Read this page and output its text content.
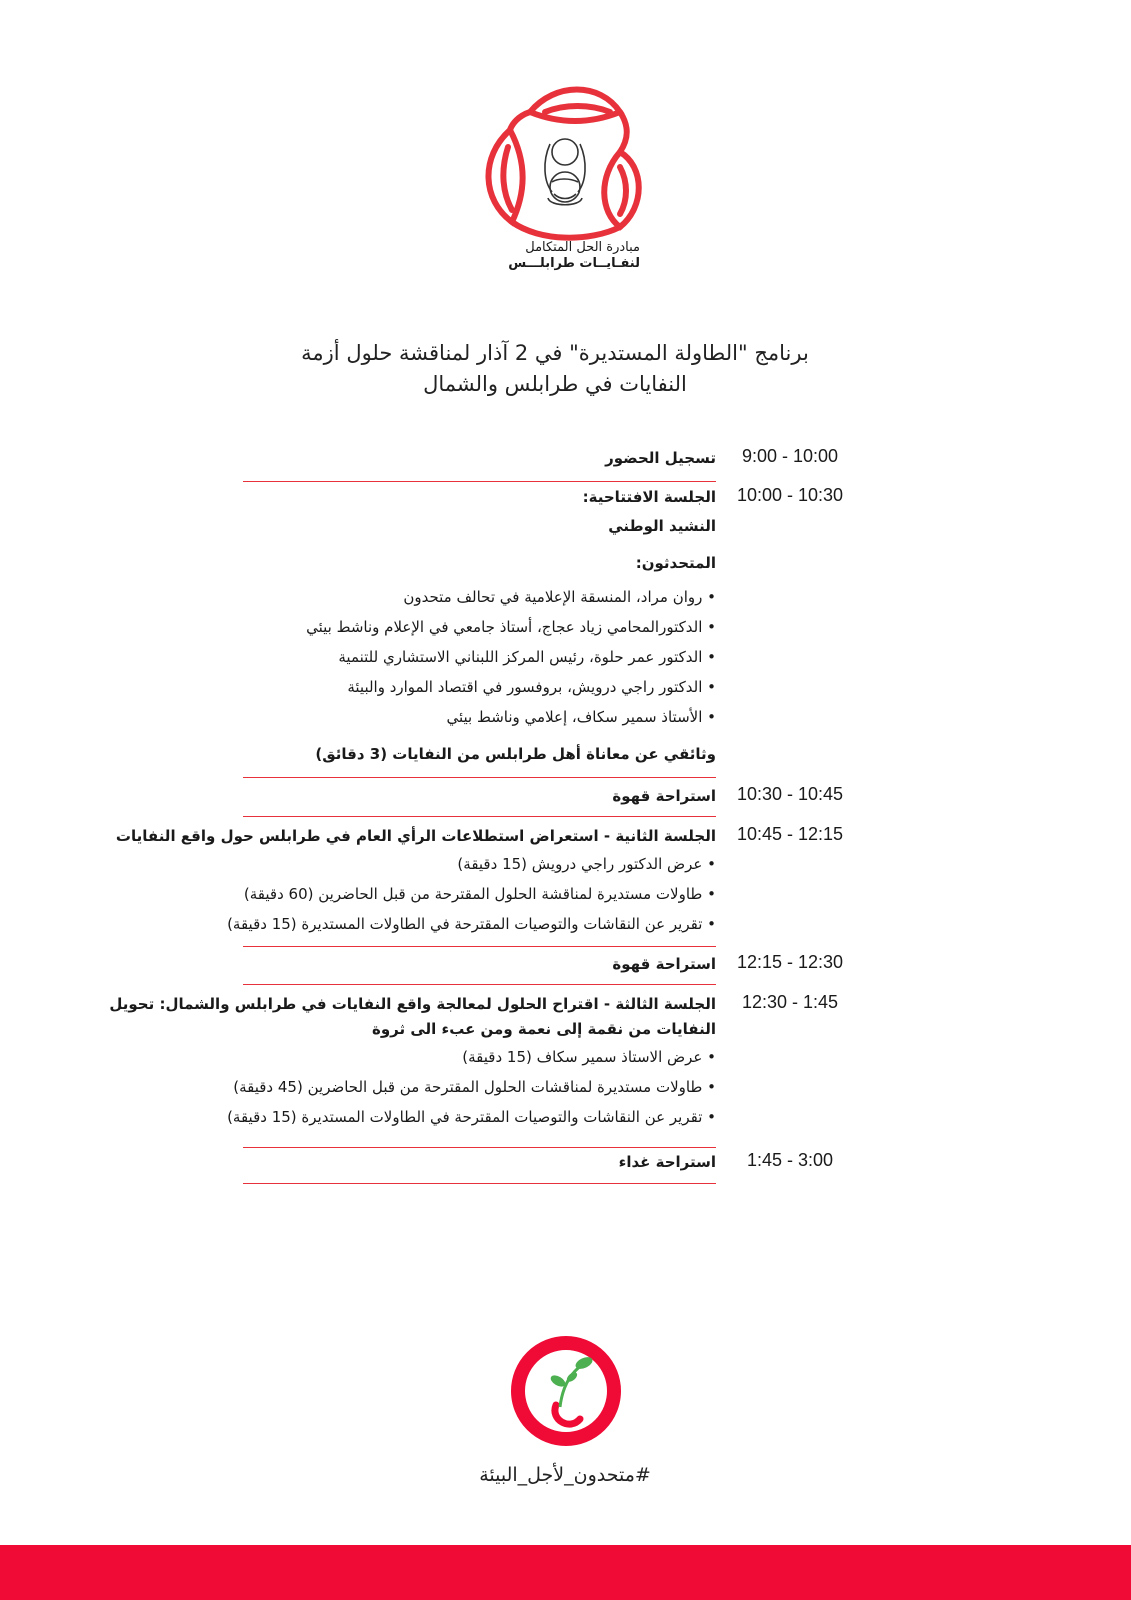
مبادرة الحل المتكامل
لنفـايــات طرابلـــس
برنامج "الطاولة المستديرة" في 2 آذار لمناقشة حلول أزمة
النفايات في طرابلس والشمال
9:00 - 10:00
تسجيل الحضور
10:00 - 10:30
الجلسة الافتتاحية:
النشيد الوطني
المتحدثون:
• روان مراد، المنسقة الإعلامية في تحالف متحدون
• الدكتورالمحامي زياد عجاج، أستاذ جامعي في الإعلام وناشط بيئي
• الدكتور عمر حلوة، رئيس المركز اللبناني الاستشاري للتنمية
• الدكتور راجي درويش، بروفسور في اقتصاد الموارد والبيئة
• الأستاذ سمير سكاف، إعلامي وناشط بيئي
وثائقي عن معاناة أهل طرابلس من النفايات (3 دقائق)
10:30 - 10:45
استراحة قهوة
10:45 - 12:15
الجلسة الثانية - استعراض استطلاعات الرأي العام في طرابلس حول واقع النفايات
• عرض الدكتور راجي درويش (15 دقيقة)
• طاولات مستديرة لمناقشة الحلول المقترحة من قبل الحاضرين (60 دقيقة)
• تقرير عن النقاشات والتوصيات المقترحة في الطاولات المستديرة (15 دقيقة)
12:15 - 12:30
استراحة قهوة
12:30 - 1:45
الجلسة الثالثة - اقتراح الحلول لمعالجة واقع النفايات في طرابلس والشمال: تحويل النفايات من نقمة إلى نعمة ومن عبء الى ثروة
• عرض الاستاذ سمير سكاف (15 دقيقة)
• طاولات مستديرة لمناقشات الحلول المقترحة من قبل الحاضرين (45 دقيقة)
• تقرير عن النقاشات والتوصيات المقترحة في الطاولات المستديرة (15 دقيقة)
1:45 - 3:00
استراحة غداء
#متحدون_لأجل_البيئة
